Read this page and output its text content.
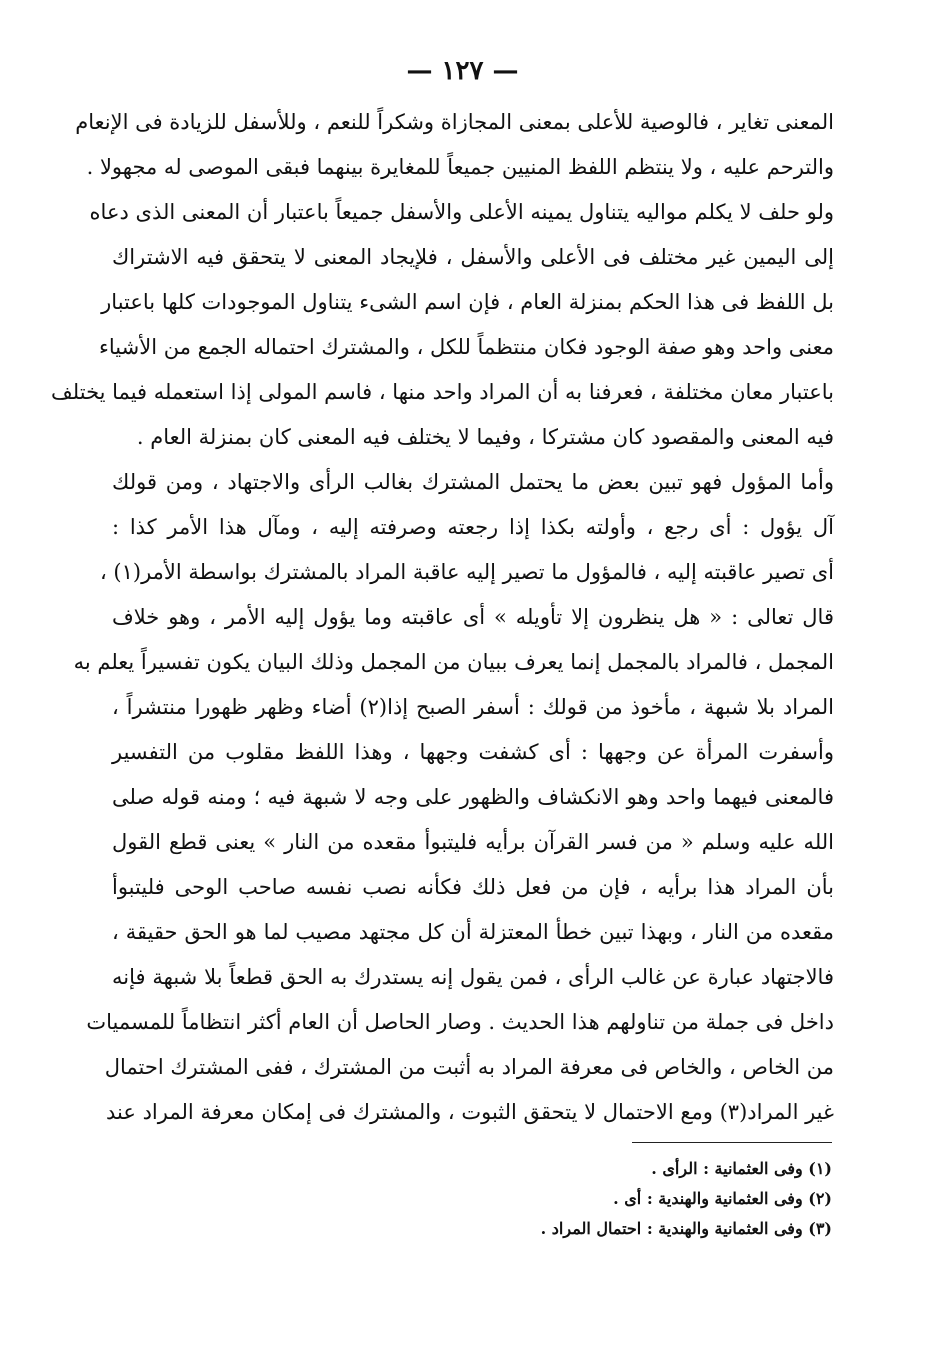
— ١٢٧ —
المعنى تغاير ، فالوصية للأعلى بمعنى المجازاة وشكراً للنعم ، وللأسفل للزيادة فى الإنعام
والترحم عليه ، ولا ينتظم اللفظ المنيين جميعاً للمغايرة بينهما فبقى الموصى له مجهولا .
ولو حلف لا يكلم مواليه يتناول يمينه الأعلى والأسفل جميعاً باعتبار أن المعنى الذى دعاه
إلى اليمين غير مختلف فى الأعلى والأسفل ، فلإيجاد المعنى لا يتحقق فيه الاشتراك
بل اللفظ فى هذا الحكم بمنزلة العام ، فإن اسم الشىء يتناول الموجودات كلها باعتبار
معنى واحد وهو صفة الوجود فكان منتظماً للكل ، والمشترك احتماله الجمع من الأشياء
باعتبار معان مختلفة ، فعرفنا به أن المراد واحد منها ، فاسم المولى إذا استعمله فيما يختلف
فيه المعنى والمقصود كان مشتركا ، وفيما لا يختلف فيه المعنى كان بمنزلة العام .
وأما المؤول فهو تبين بعض ما يحتمل المشترك بغالب الرأى والاجتهاد ، ومن قولك
آل يؤول : أى رجع ، وأولته بكذا إذا رجعته وصرفته إليه ، ومآل هذا الأمر كذا :
أى تصير عاقبته إليه ، فالمؤول ما تصير إليه عاقبة المراد بالمشترك بواسطة الأمر(١) ،
قال تعالى : « هل ينظرون إلا تأويله » أى عاقبته وما يؤول إليه الأمر ، وهو خلاف
المجمل ، فالمراد بالمجمل إنما يعرف ببيان من المجمل وذلك البيان يكون تفسيراً يعلم به
المراد بلا شبهة ، مأخوذ من قولك : أسفر الصبح إذا(٢) أضاء وظهر ظهورا منتشراً ،
وأسفرت المرأة عن وجهها : أى كشفت وجهها ، وهذا اللفظ مقلوب من التفسير
فالمعنى فيهما واحد وهو الانكشاف والظهور على وجه لا شبهة فيه ؛ ومنه قوله صلى
الله عليه وسلم « من فسر القرآن برأيه فليتبوأ مقعده من النار » يعنى قطع القول
بأن المراد هذا برأيه ، فإن من فعل ذلك فكأنه نصب نفسه صاحب الوحى فليتبوأ
مقعده من النار ، وبهذا تبين خطأ المعتزلة أن كل مجتهد مصيب لما هو الحق حقيقة ،
فالاجتهاد عبارة عن غالب الرأى ، فمن يقول إنه يستدرك به الحق قطعاً بلا شبهة فإنه
داخل فى جملة من تناولهم هذا الحديث . وصار الحاصل أن العام أكثر انتظاماً للمسميات
من الخاص ، والخاص فى معرفة المراد به أثبت من المشترك ، ففى المشترك احتمال
غير المراد(٣) ومع الاحتمال لا يتحقق الثبوت ، والمشترك فى إمكان معرفة المراد عند
(١) وفى العثمانية : الرأى .
(٢) وفى العثمانية والهندية : أى .
(٣) وفى العثمانية والهندية : احتمال المراد .
